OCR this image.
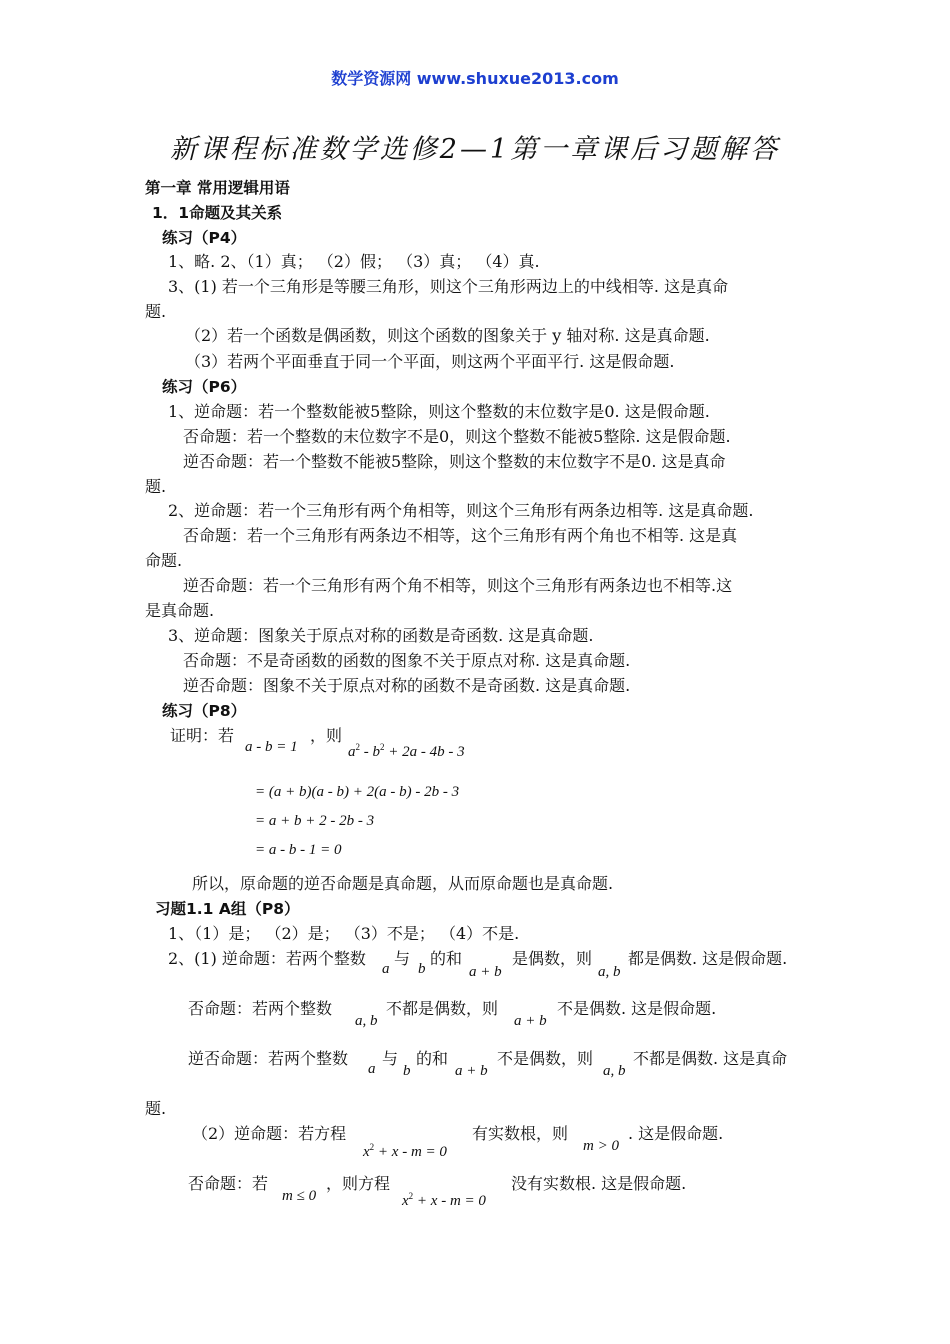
数学资源网 www.shuxue2013.com
新课程标准数学选修2—1第一章课后习题解答
第一章 常用逻辑用语
1．1命题及其关系
练习（P4）
1、略. 2、（1）真； （2）假； （3）真； （4）真.
3、(1) 若一个三角形是等腰三角形，则这个三角形两边上的中线相等. 这是真命
题.
（2）若一个函数是偶函数，则这个函数的图象关于 y 轴对称. 这是真命题.
（3）若两个平面垂直于同一个平面，则这两个平面平行. 这是假命题.
练习（P6）
1、逆命题：若一个整数能被5整除，则这个整数的末位数字是0. 这是假命题.
否命题：若一个整数的末位数字不是0，则这个整数不能被5整除. 这是假命题.
逆否命题：若一个整数不能被5整除，则这个整数的末位数字不是0. 这是真命
题.
2、逆命题：若一个三角形有两个角相等，则这个三角形有两条边相等. 这是真命题.
否命题：若一个三角形有两条边不相等，这个三角形有两个角也不相等. 这是真
命题.
逆否命题：若一个三角形有两个角不相等，则这个三角形有两条边也不相等.这
是真命题.
3、逆命题：图象关于原点对称的函数是奇函数. 这是真命题.
否命题：不是奇函数的函数的图象不关于原点对称. 这是真命题.
逆否命题：图象不关于原点对称的函数不是奇函数. 这是真命题.
练习（P8）
证明：若
a - b = 1
，则
$a^2 - b^2 + 2a - 4b - 3$
= (a + b)(a - b) + 2(a - b) - 2b - 3
= a + b + 2 - 2b - 3
= a - b - 1 = 0
所以，原命题的逆否命题是真命题，从而原命题也是真命题.
习题1.1 A组（P8）
1、（1）是； （2）是； （3）不是； （4）不是.
2、(1) 逆命题：若两个整数
a
与
b
的和
a + b
是偶数，则
a, b
都是偶数. 这是假命题.
否命题：若两个整数
a, b
不都是偶数，则
a + b
不是偶数. 这是假命题.
逆否命题：若两个整数
a
与
b
的和
a + b
不是偶数，则
a, b
不都是偶数. 这是真命
题.
（2）逆命题：若方程
$x^2 + x - m = 0$
有实数根，则
m > 0
. 这是假命题.
否命题：若
m ≤ 0
，则方程
$x^2 + x - m = 0$
没有实数根. 这是假命题.
